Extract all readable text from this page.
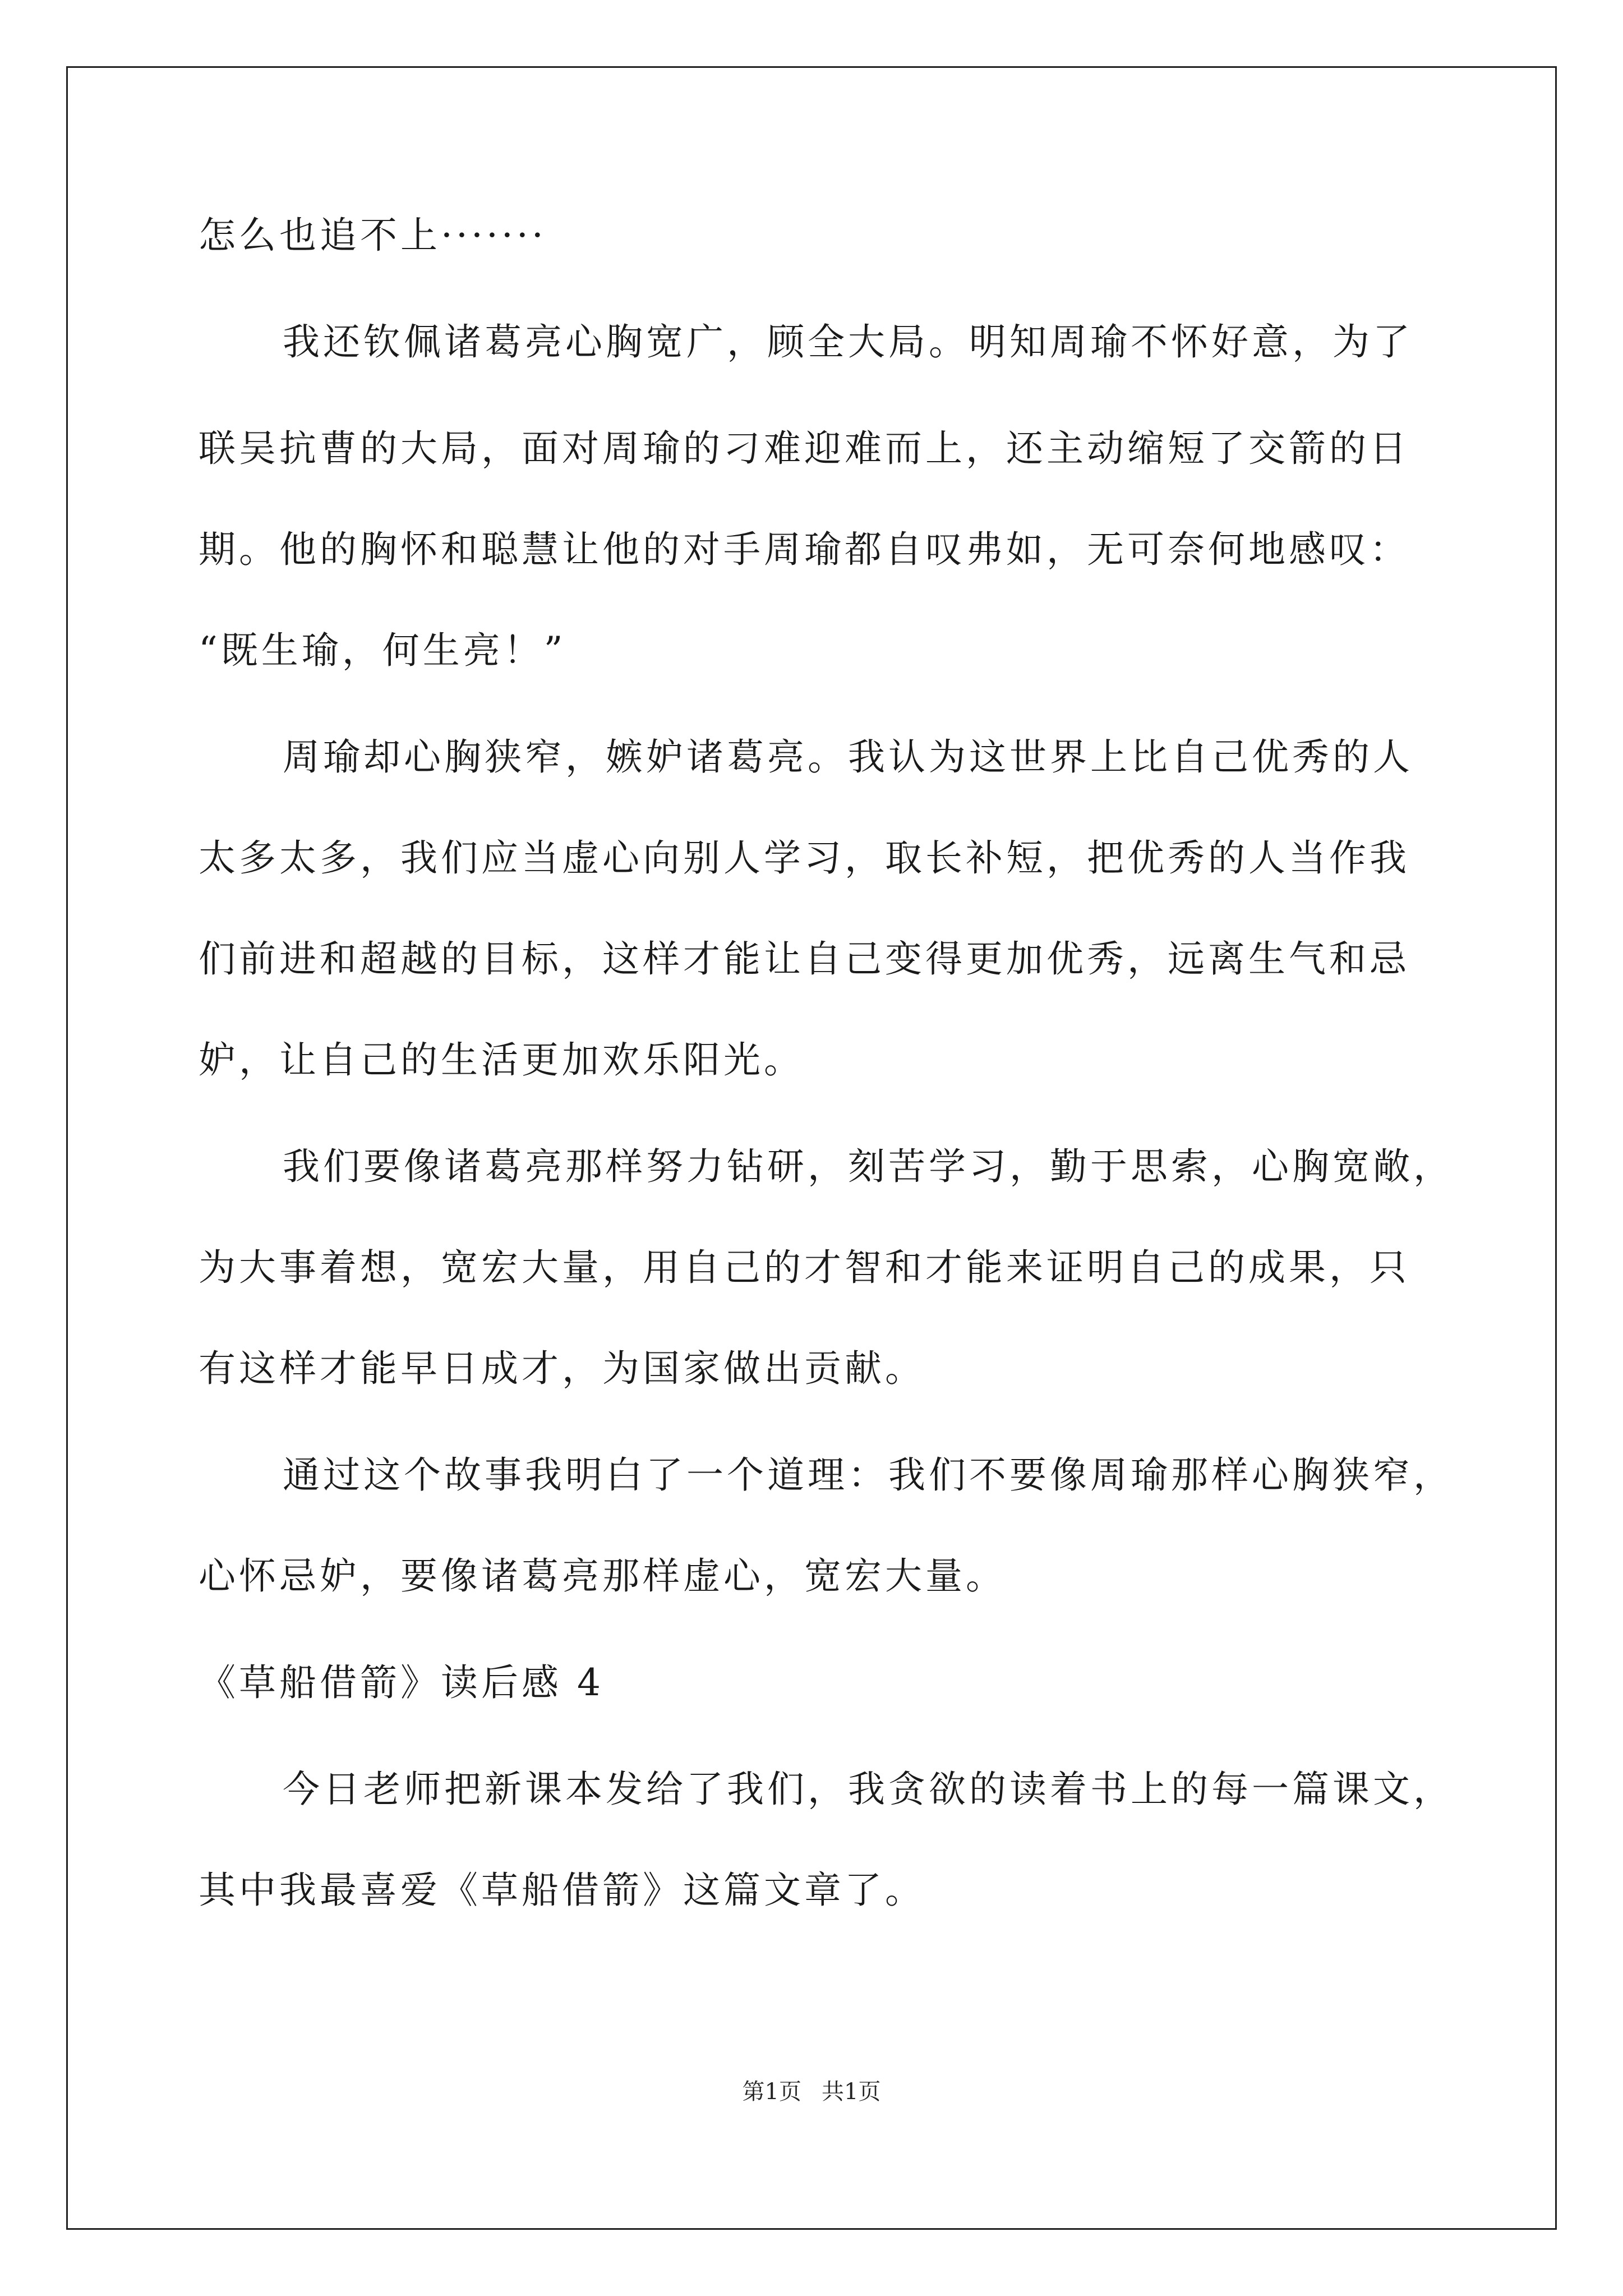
怎么也追不上·······
我还钦佩诸葛亮心胸宽广，顾全大局。明知周瑜不怀好意，为了
联吴抗曹的大局，面对周瑜的刁难迎难而上，还主动缩短了交箭的日
期。他的胸怀和聪慧让他的对手周瑜都自叹弗如，无可奈何地感叹：
“既生瑜，何生亮！”
周瑜却心胸狭窄，嫉妒诸葛亮。我认为这世界上比自己优秀的人
太多太多，我们应当虚心向别人学习，取长补短，把优秀的人当作我
们前进和超越的目标，这样才能让自己变得更加优秀，远离生气和忌
妒，让自己的生活更加欢乐阳光。
我们要像诸葛亮那样努力钻研，刻苦学习，勤于思索，心胸宽敞，
为大事着想，宽宏大量，用自己的才智和才能来证明自己的成果，只
有这样才能早日成才，为国家做出贡献。
通过这个故事我明白了一个道理：我们不要像周瑜那样心胸狭窄，
心怀忌妒，要像诸葛亮那样虚心，宽宏大量。
《草船借箭》读后感 4
今日老师把新课本发给了我们，我贪欲的读着书上的每一篇课文，
其中我最喜爱《草船借箭》这篇文章了。
第1页 共1页
